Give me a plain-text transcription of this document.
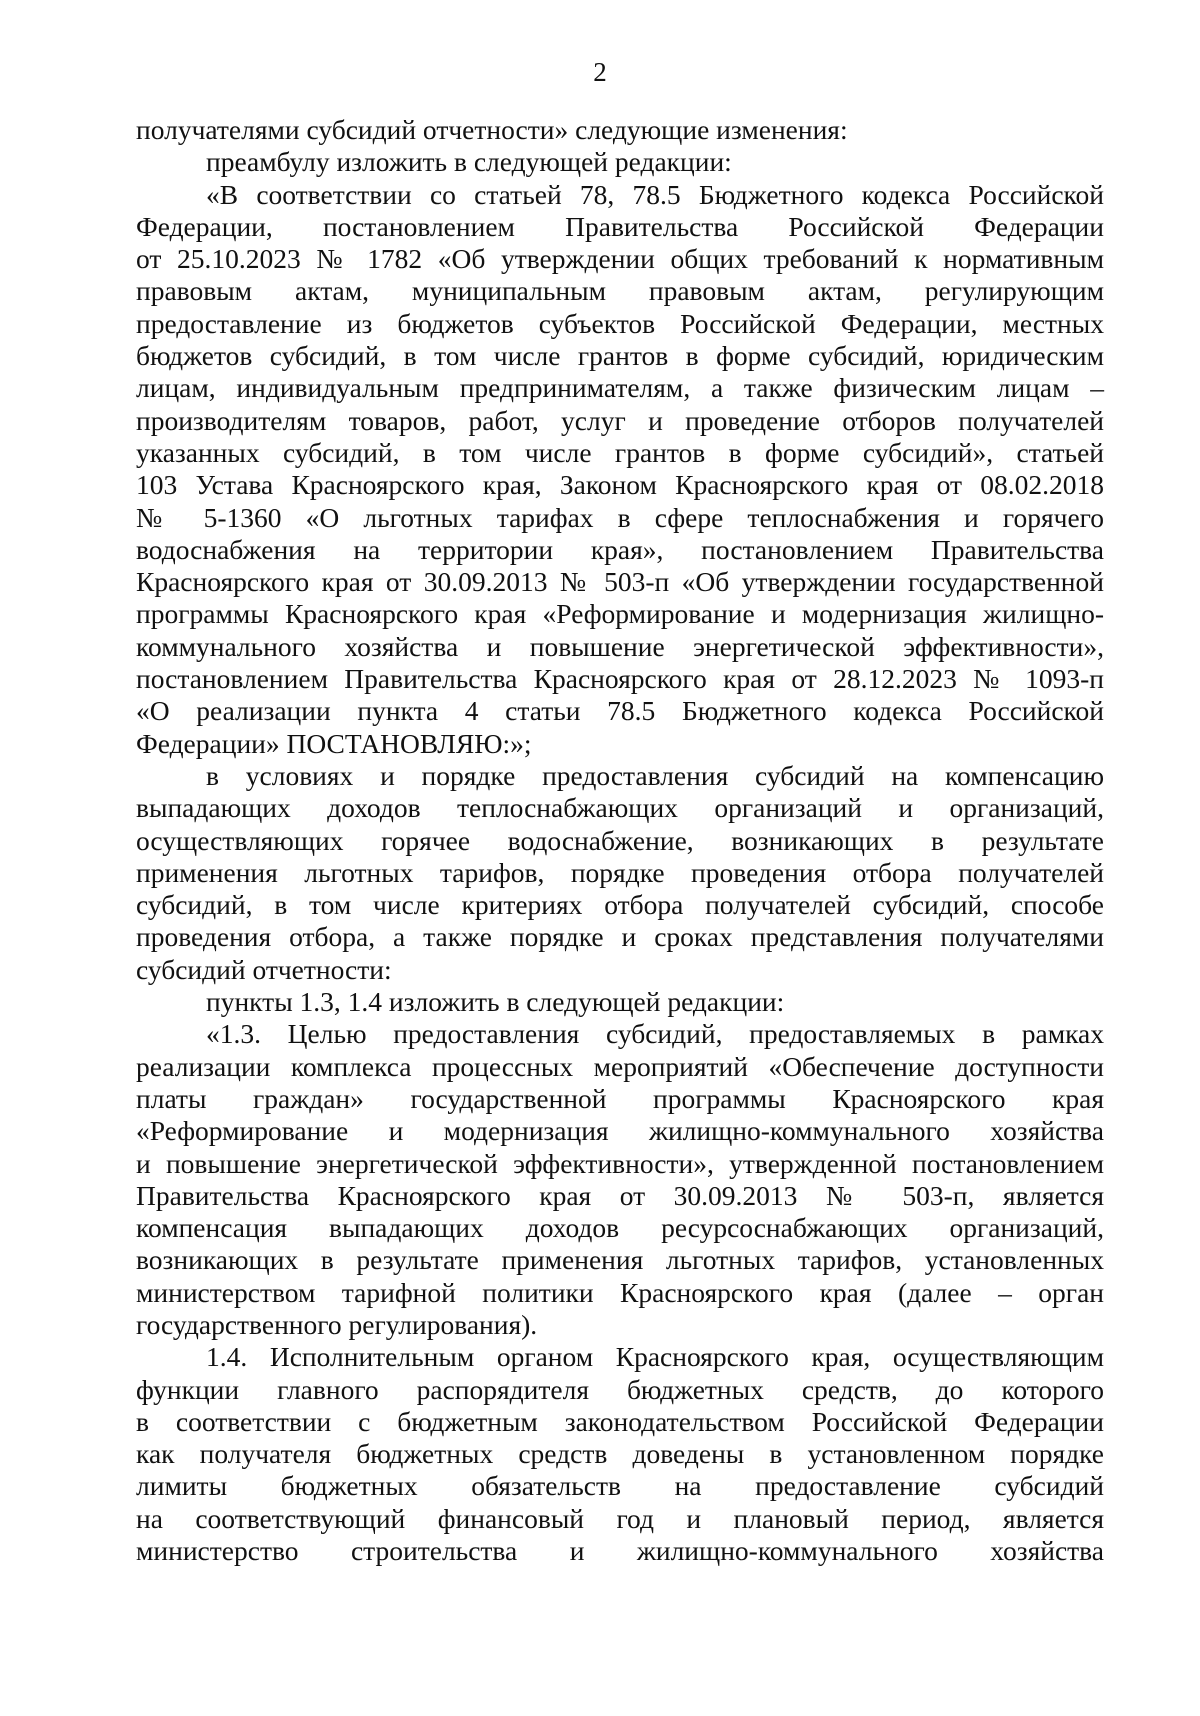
2
получателями субсидий отчетности» следующие изменения:
преамбулу изложить в следующей редакции:
«В соответствии со статьей 78, 78.5 Бюджетного кодекса Российской
Федерации, постановлением Правительства Российской Федерации
от 25.10.2023 № 1782 «Об утверждении общих требований к нормативным
правовым актам, муниципальным правовым актам, регулирующим
предоставление из бюджетов субъектов Российской Федерации, местных
бюджетов субсидий, в том числе грантов в форме субсидий, юридическим
лицам, индивидуальным предпринимателям, а также физическим лицам –
производителям товаров, работ, услуг и проведение отборов получателей
указанных субсидий, в том числе грантов в форме субсидий», статьей
103 Устава Красноярского края, Законом Красноярского края от 08.02.2018
№ 5-1360 «О льготных тарифах в сфере теплоснабжения и горячего
водоснабжения на территории края», постановлением Правительства
Красноярского края от 30.09.2013 № 503-п «Об утверждении государственной
программы Красноярского края «Реформирование и модернизация жилищно-
коммунального хозяйства и повышение энергетической эффективности»,
постановлением Правительства Красноярского края от 28.12.2023 № 1093-п
«О реализации пункта 4 статьи 78.5 Бюджетного кодекса Российской
Федерации» ПОСТАНОВЛЯЮ:»;
в условиях и порядке предоставления субсидий на компенсацию
выпадающих доходов теплоснабжающих организаций и организаций,
осуществляющих горячее водоснабжение, возникающих в результате
применения льготных тарифов, порядке проведения отбора получателей
субсидий, в том числе критериях отбора получателей субсидий, способе
проведения отбора, а также порядке и сроках представления получателями
субсидий отчетности:
пункты 1.3, 1.4 изложить в следующей редакции:
«1.3. Целью предоставления субсидий, предоставляемых в рамках
реализации комплекса процессных мероприятий «Обеспечение доступности
платы граждан» государственной программы Красноярского края
«Реформирование и модернизация жилищно-коммунального хозяйства
и повышение энергетической эффективности», утвержденной постановлением
Правительства Красноярского края от 30.09.2013 № 503-п, является
компенсация выпадающих доходов ресурсоснабжающих организаций,
возникающих в результате применения льготных тарифов, установленных
министерством тарифной политики Красноярского края (далее – орган
государственного регулирования).
1.4. Исполнительным органом Красноярского края, осуществляющим
функции главного распорядителя бюджетных средств, до которого
в соответствии с бюджетным законодательством Российской Федерации
как получателя бюджетных средств доведены в установленном порядке
лимиты бюджетных обязательств на предоставление субсидий
на соответствующий финансовый год и плановый период, является
министерство строительства и жилищно-коммунального хозяйства
